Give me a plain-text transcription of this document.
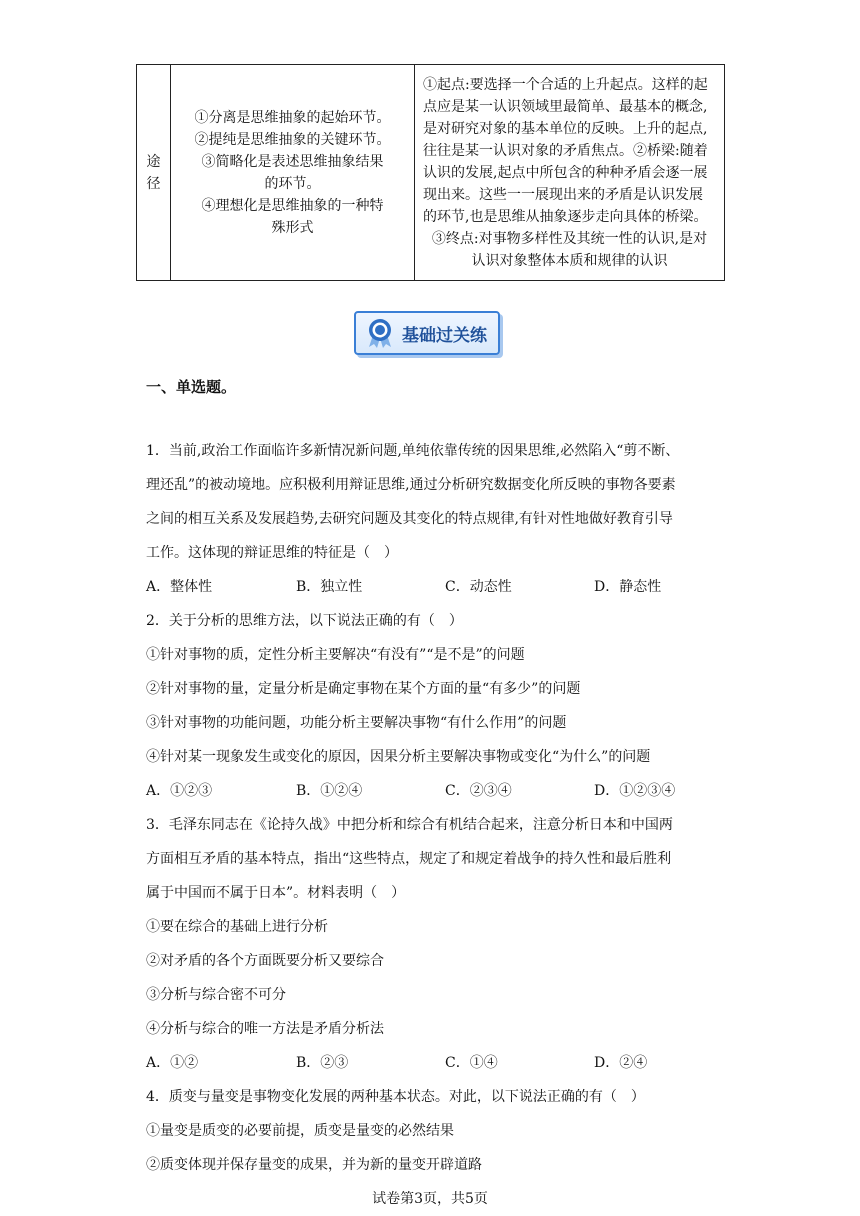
途
径

①分离是思维抽象的起始环节。
②提纯是思维抽象的关键环节。
③简略化是表述思维抽象结果
的环节。
④理想化是思维抽象的一种特
殊形式

①起点:要选择一个合适的上升起点。这样的起
点应是某一认识领域里最简单、最基本的概念,
是对研究对象的基本单位的反映。上升的起点,
往往是某一认识对象的矛盾焦点。②桥梁:随着
认识的发展,起点中所包含的种种矛盾会逐一展
现出来。这些一一展现出来的矛盾是认识发展
的环节,也是思维从抽象逐步走向具体的桥梁。
③终点:对事物多样性及其统一性的认识,是对
认识对象整体本质和规律的认识
基础过关练
一、单选题。
1．当前,政治工作面临许多新情况新问题,单纯依靠传统的因果思维,必然陷入“剪不断、
理还乱”的被动境地。应积极利用辩证思维,通过分析研究数据变化所反映的事物各要素
之间的相互关系及发展趋势,去研究问题及其变化的特点规律,有针对性地做好教育引导
工作。这体现的辩证思维的特征是（　）
A．整体性	B．独立性	C．动态性	D．静态性
2．关于分析的思维方法，以下说法正确的有（　）
①针对事物的质，定性分析主要解决“有没有”“是不是”的问题
②针对事物的量，定量分析是确定事物在某个方面的量“有多少”的问题
③针对事物的功能问题，功能分析主要解决事物“有什么作用”的问题
④针对某一现象发生或变化的原因，因果分析主要解决事物或变化“为什么”的问题
A．①②③	B．①②④	C．②③④	D．①②③④
3．毛泽东同志在《论持久战》中把分析和综合有机结合起来，注意分析日本和中国两
方面相互矛盾的基本特点，指出“这些特点，规定了和规定着战争的持久性和最后胜利
属于中国而不属于日本”。材料表明（　）
①要在综合的基础上进行分析
②对矛盾的各个方面既要分析又要综合
③分析与综合密不可分
④分析与综合的唯一方法是矛盾分析法
A．①②	B．②③	C．①④	D．②④
4．质变与量变是事物变化发展的两种基本状态。对此，以下说法正确的有（　）
①量变是质变的必要前提，质变是量变的必然结果
②质变体现并保存量变的成果，并为新的量变开辟道路
试卷第3页，共5页
